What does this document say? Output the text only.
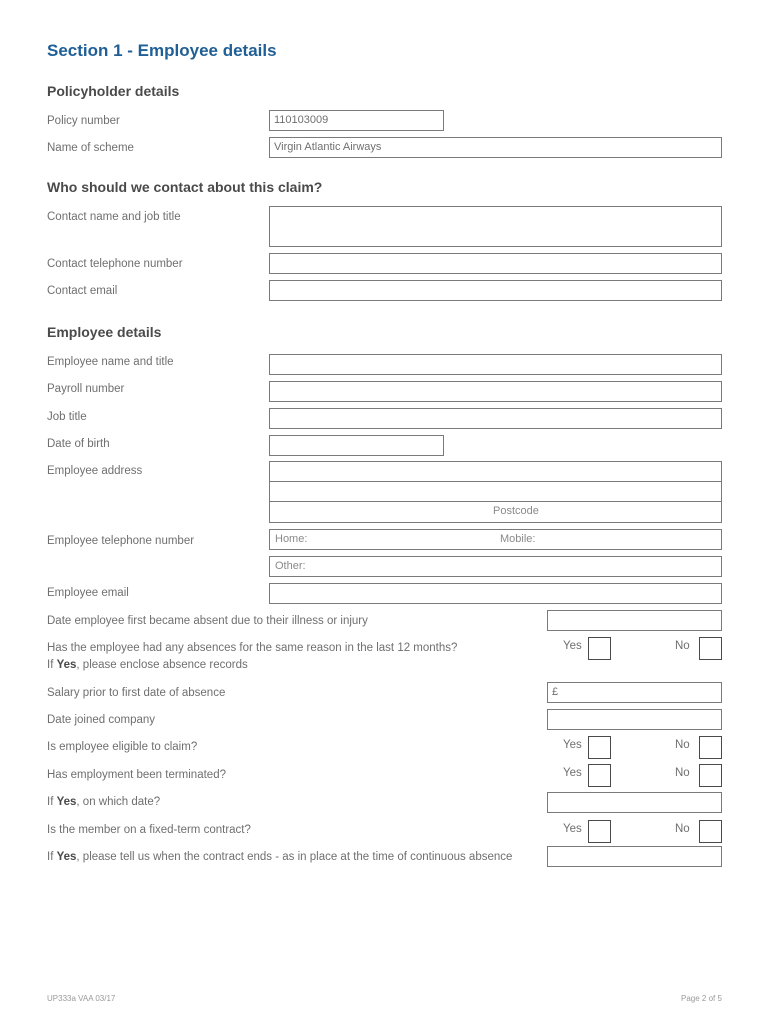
Section 1 - Employee details
Policyholder details
Policy number	110103009
Name of scheme	Virgin Atlantic Airways
Who should we contact about this claim?
Contact name and job title
Contact telephone number
Contact email
Employee details
Employee name and title
Payroll number
Job title
Date of birth
Employee address
Postcode
Employee telephone number	Home:	Mobile:
Other:
Employee email
Date employee first became absent due to their illness or injury
Has the employee had any absences for the same reason in the last 12 months?
If Yes, please enclose absence records
Yes	No
Salary prior to first date of absence	£
Date joined company
Is employee eligible to claim?	Yes	No
Has employment been terminated?	Yes	No
If Yes, on which date?
Is the member on a fixed-term contract?	Yes	No
If Yes, please tell us when the contract ends - as in place at the time of continuous absence
UP333a VAA 03/17	Page 2 of 5
